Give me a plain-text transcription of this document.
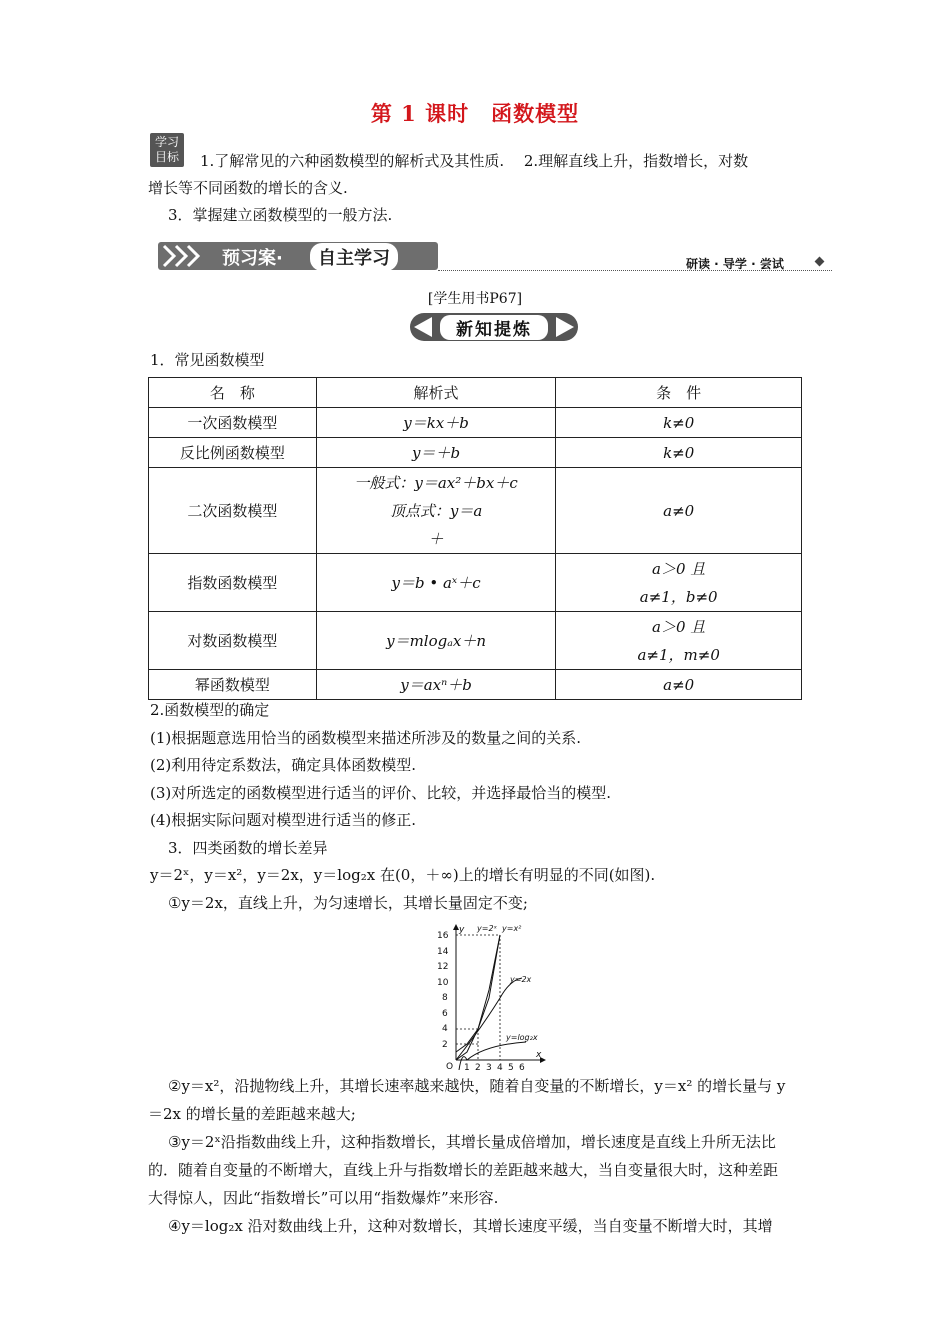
第 1 课时　函数模型
学习
目标	1.了解常见的六种函数模型的解析式及其性质.　 2.理解直线上升，指数增长，对数
增长等不同函数的增长的含义.
3．掌握建立函数模型的一般方法.
预习案·	自主学习	研读 · 导学 · 尝试
[学生用书P67]
新知提炼
1．常见函数模型
名　称	解析式	条　件
一次函数模型	y＝kx＋b	k≠0
反比例函数模型	y＝＋b	k≠0
二次函数模型	一般式：y＝ax²＋bx＋c
顶点式：y＝a
＋	a≠0
指数函数模型	y＝b • aˣ＋c	a＞0 且
a≠1，b≠0

对数函数模型	y＝mlogₐx＋n	a＞0 且
a≠1，m≠0

幂函数模型	y＝axⁿ＋b	a≠0
2.函数模型的确定
(1)根据题意选用恰当的函数模型来描述所涉及的数量之间的关系.
(2)利用待定系数法，确定具体函数模型.
(3)对所选定的函数模型进行适当的评价、比较，并选择最恰当的模型.
(4)根据实际问题对模型进行适当的修正.
3．四类函数的增长差异
y＝2ˣ，y＝x²，y＝2x，y＝log₂x 在(0，＋∞)上的增长有明显的不同(如图).
①y＝2x，直线上升，为匀速增长，其增长量固定不变;
y
x
O
2
4
6
8
10
12
14
16
1 2 3 4 5 6
y=2ˣ y=x²
y=2x
y=log₂x
②y＝x²，沿抛物线上升，其增长速率越来越快，随着自变量的不断增长，y＝x² 的增长量与 y
＝2x 的增长量的差距越来越大;
③y＝2ˣ沿指数曲线上升，这种指数增长，其增长量成倍增加，增长速度是直线上升所无法比
的．随着自变量的不断增大，直线上升与指数增长的差距越来越大，当自变量很大时，这种差距
大得惊人，因此“指数增长”可以用“指数爆炸”来形容.
④y＝log₂x 沿对数曲线上升，这种对数增长，其增长速度平缓，当自变量不断增大时，其增
